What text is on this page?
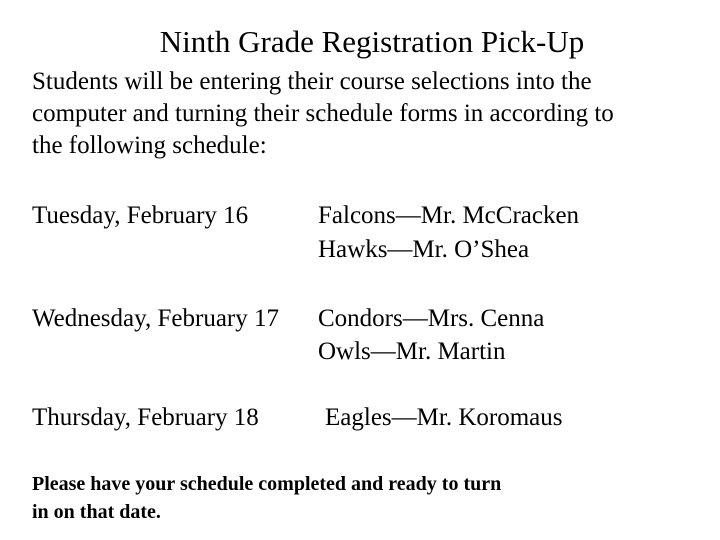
Ninth Grade Registration Pick-Up
Students will be entering their course selections into the
computer and turning their schedule forms in according to
the following schedule:
Tuesday, February 16	Falcons—Mr. McCracken
Hawks—Mr. O’Shea
Wednesday, February 17 Condors—Mrs. Cenna
Owls—Mr. Martin
Thursday, February 18	Eagles—Mr. Koromaus
Please have your schedule completed and ready to turn
in on that date.
